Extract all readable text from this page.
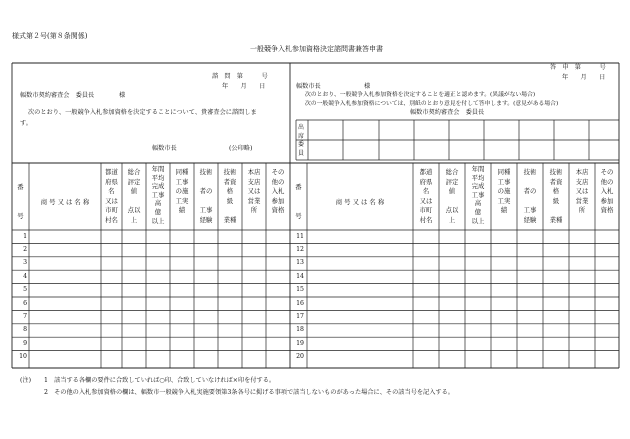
様式第２号(第８条関係)
一般競争入札参加資格決定諮問書兼答申書
諮　問　第　　　号
年　　月　　日
輻数市契約審査会　委員長　　　　様
次のとおり、一般競争入札参加資格を決定することについて、貴審査会に諮問しま
す。
輻数市長	(公印略)
答　申　第　　　号
年　　月　　日
輻数市長　　　　　　　様
次のとおり、一般競争入札参加資格を決定することを適正と認めます。(異議がない場合)
次の一般競争入札参加資格については、別紙のとおり意見を付して答申します。(意見がある場合)
輻数市契約審査会　委員長
出
席
委
員
番

号
商 号 又 は 名 称
都道
府県
名
又は
市町
村名
総合
評定
値

点以
上
年間
平均
完成
工事
高
億
以上
同種
工事
の施
工実
績
技術

者の

工事
経験
技術
者資
格
級

業種
本店
支店
又は
営業
所
その
他の
入札
参加
資格
番

号
商 号 又 は 名 称
都道
府県
名
又は
市町
村名
総合
評定
値

点以
上
年間
平均
完成
工事
高
億
以上
同種
工事
の施
工実
績
技術

者の

工事
経験
技術
者資
格
級

業種
本店
支店
又は
営業
所
その
他の
入札
参加
資格
1
2
3
4
5
6
7
8
9
10
11
12
13
14
15
16
17
18
19
20
(注) 1　該当する各欄の要件に合致していれば○印、合致していなければ×印を付する。
2　その他の入札参加資格の欄は、輻数市一般競争入札実施要領第3条各号に掲げる事項で該当しないものがあった場合に、その該当号を記入する。
